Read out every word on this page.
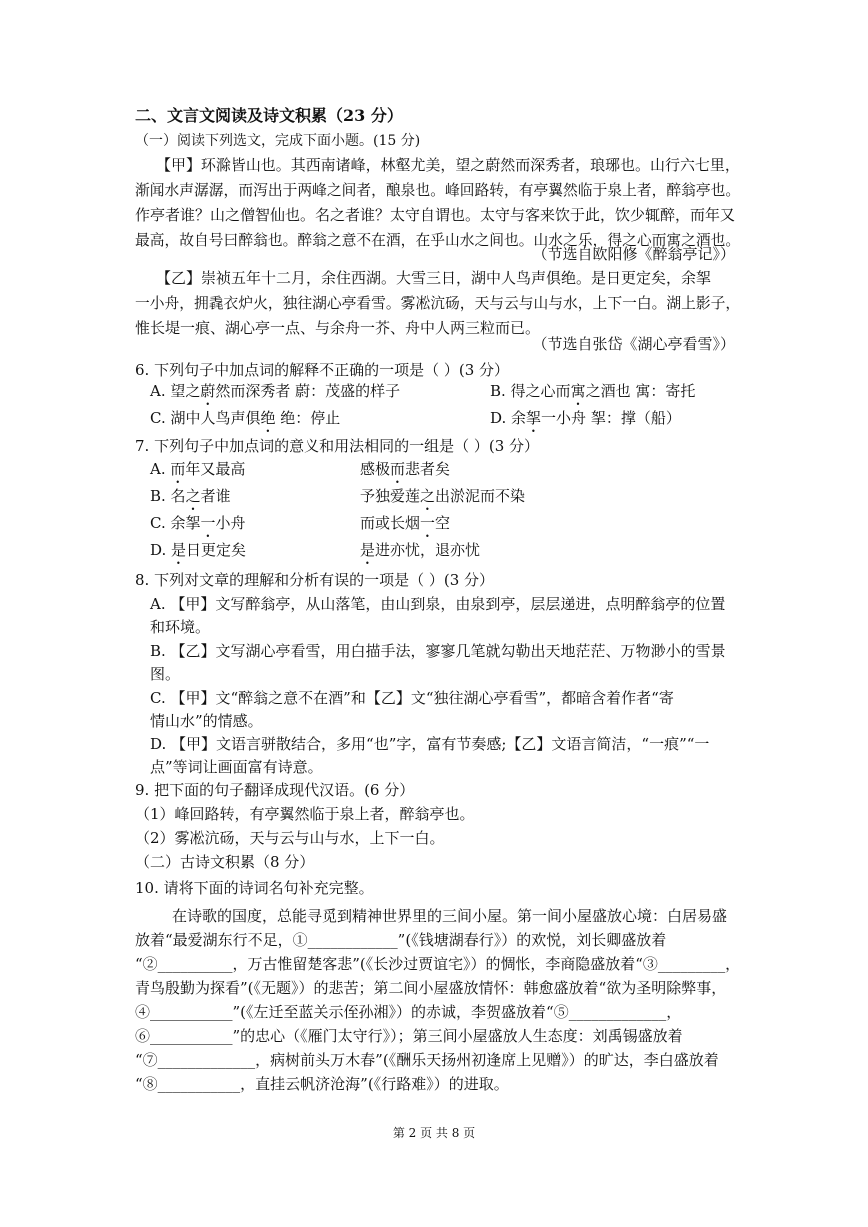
二、文言文阅读及诗文积累（23 分）
（一）阅读下列选文，完成下面小题。(15 分)
【甲】环滁皆山也。其西南诸峰，林壑尤美，望之蔚然而深秀者，琅琊也。山行六七里，
渐闻水声潺潺，而泻出于两峰之间者，酿泉也。峰回路转，有亭翼然临于泉上者，醉翁亭也。
作亭者谁？山之僧智仙也。名之者谁？太守自谓也。太守与客来饮于此，饮少辄醉，而年又
最高，故自号曰醉翁也。醉翁之意不在酒，在乎山水之间也。山水之乐，得之心而寓之酒也。
（节选自欧阳修《醉翁亭记》）
【乙】崇祯五年十二月，余住西湖。大雪三日，湖中人鸟声俱绝。是日更定矣，余挐
一小舟，拥毳衣炉火，独往湖心亭看雪。雾凇沆砀，天与云与山与水，上下一白。湖上影子，
惟长堤一痕、湖心亭一点、与余舟一芥、舟中人两三粒而已。
（节选自张岱《湖心亭看雪》）
6. 下列句子中加点词的解释不正确的一项是（ ）(3 分）
A. 望之蔚然而深秀者 蔚：茂盛的样子	B. 得之心而寓之酒也 寓：寄托
C. 湖中人鸟声俱绝 绝：停止	D. 余挐一小舟 挐：撑（船）
7. 下列句子中加点词的意义和用法相同的一组是（ ）(3 分）
A. 而年又最高	感极而悲者矣
B. 名之者谁	予独爱莲之出淤泥而不染
C. 余挐一小舟	而或长烟一空
D. 是日更定矣	是进亦忧，退亦忧
8. 下列对文章的理解和分析有误的一项是（ ）(3 分）
A. 【甲】文写醉翁亭，从山落笔，由山到泉，由泉到亭，层层递进，点明醉翁亭的位置
和环境。
B. 【乙】文写湖心亭看雪，用白描手法，寥寥几笔就勾勒出天地茫茫、万物渺小的雪景
图。
C. 【甲】文“醉翁之意不在酒”和【乙】文“独往湖心亭看雪”，都暗含着作者“寄
情山水”的情感。
D. 【甲】文语言骈散结合，多用“也”字，富有节奏感;【乙】文语言简洁，“一痕”“一
点”等词让画面富有诗意。
9. 把下面的句子翻译成现代汉语。(6 分）
（1）峰回路转，有亭翼然临于泉上者，醉翁亭也。
（2）雾凇沆砀，天与云与山与水，上下一白。
（二）古诗文积累（8 分）
10. 请将下面的诗词名句补充完整。
在诗歌的国度，总能寻觅到精神世界里的三间小屋。第一间小屋盛放心境：白居易盛
放着“最爱湖东行不足，①____________”(《钱塘湖春行》）的欢悦，刘长卿盛放着
“②__________，万古惟留楚客悲”(《长沙过贾谊宅》）的惆怅，李商隐盛放着“③_________，
青鸟殷勤为探看”(《无题》）的悲苦；第二间小屋盛放情怀：韩愈盛放着“欲为圣明除弊事，
④___________”(《左迁至蓝关示侄孙湘》）的赤诚，李贺盛放着“⑤_____________，
⑥___________”的忠心（《雁门太守行》）；第三间小屋盛放人生态度：刘禹锡盛放着
“⑦_____________，病树前头万木春”(《酬乐天扬州初逢席上见赠》）的旷达，李白盛放着
“⑧___________，直挂云帆济沧海”(《行路难》）的进取。
第 2 页 共 8 页
